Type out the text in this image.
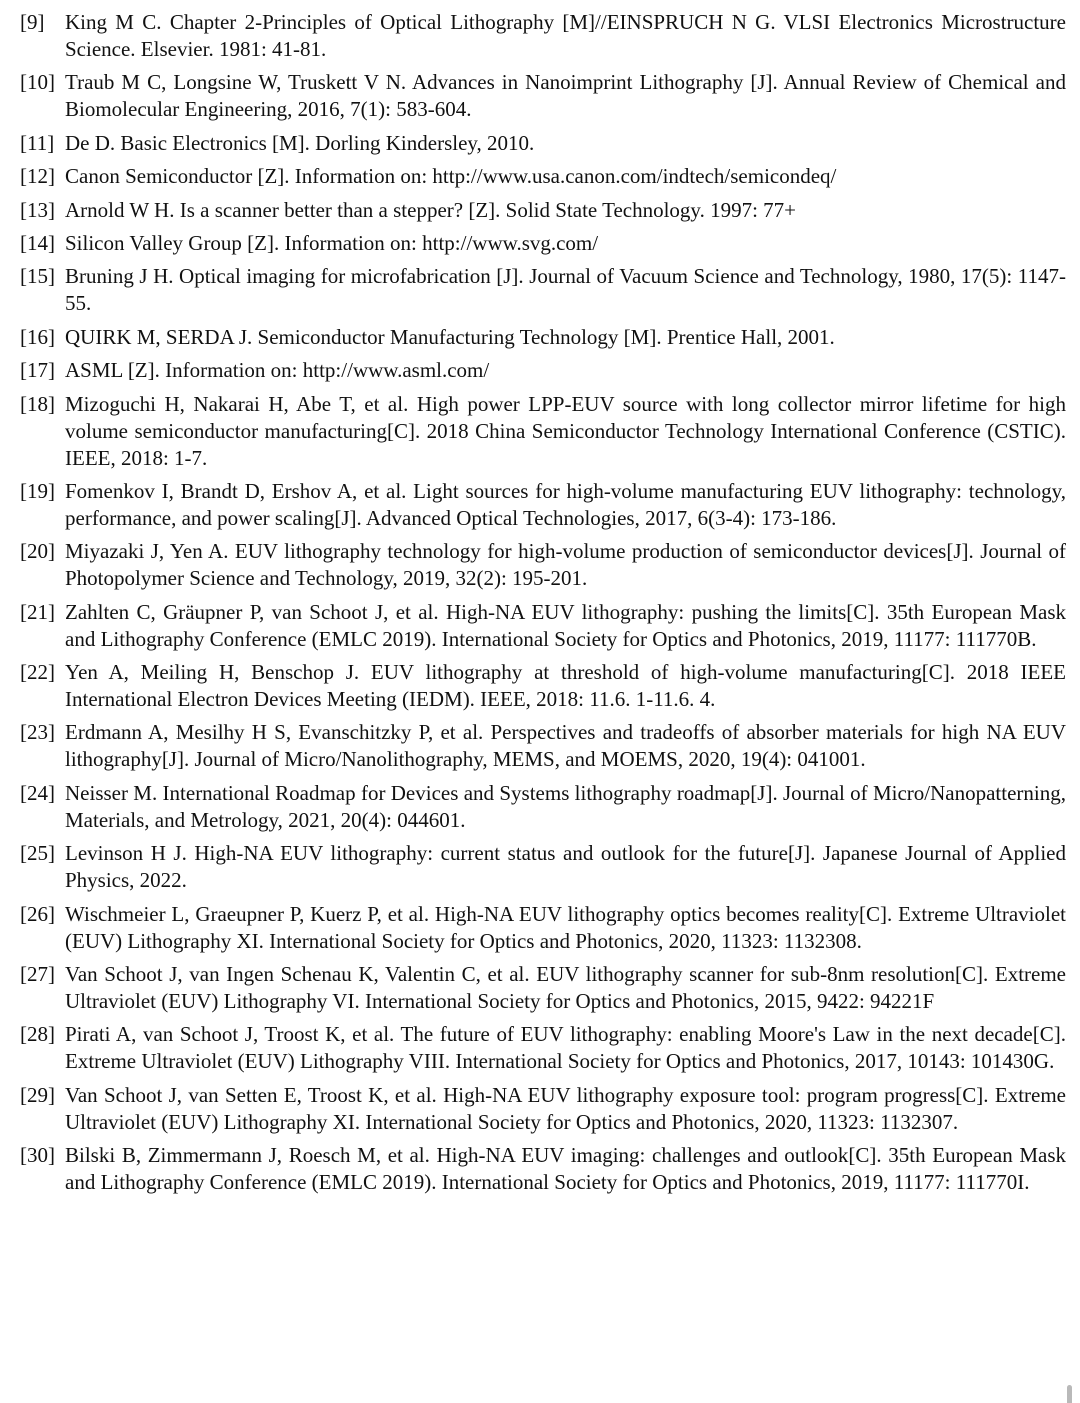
[9] King M C. Chapter 2-Principles of Optical Lithography [M]//EINSPRUCH N G. VLSI Electronics Microstructure Science. Elsevier. 1981: 41-81.
[10] Traub M C, Longsine W, Truskett V N. Advances in Nanoimprint Lithography [J]. Annual Review of Chemical and Biomolecular Engineering, 2016, 7(1): 583-604.
[11] De D. Basic Electronics [M]. Dorling Kindersley, 2010.
[12] Canon Semiconductor [Z]. Information on: http://www.usa.canon.com/indtech/semicondeq/
[13] Arnold W H. Is a scanner better than a stepper? [Z]. Solid State Technology. 1997: 77+
[14] Silicon Valley Group [Z]. Information on: http://www.svg.com/
[15] Bruning J H. Optical imaging for microfabrication [J]. Journal of Vacuum Science and Technology, 1980, 17(5): 1147-55.
[16] QUIRK M, SERDA J. Semiconductor Manufacturing Technology [M]. Prentice Hall, 2001.
[17] ASML [Z]. Information on: http://www.asml.com/
[18] Mizoguchi H, Nakarai H, Abe T, et al. High power LPP-EUV source with long collector mirror lifetime for high volume semiconductor manufacturing[C]. 2018 China Semiconductor Technology International Conference (CSTIC). IEEE, 2018: 1-7.
[19] Fomenkov I, Brandt D, Ershov A, et al. Light sources for high-volume manufacturing EUV lithography: technology, performance, and power scaling[J]. Advanced Optical Technologies, 2017, 6(3-4): 173-186.
[20] Miyazaki J, Yen A. EUV lithography technology for high-volume production of semiconductor devices[J]. Journal of Photopolymer Science and Technology, 2019, 32(2): 195-201.
[21] Zahlten C, Gräupner P, van Schoot J, et al. High-NA EUV lithography: pushing the limits[C]. 35th European Mask and Lithography Conference (EMLC 2019). International Society for Optics and Photonics, 2019, 11177: 111770B.
[22] Yen A, Meiling H, Benschop J. EUV lithography at threshold of high-volume manufacturing[C]. 2018 IEEE International Electron Devices Meeting (IEDM). IEEE, 2018: 11.6. 1-11.6. 4.
[23] Erdmann A, Mesilhy H S, Evanschitzky P, et al. Perspectives and tradeoffs of absorber materials for high NA EUV lithography[J]. Journal of Micro/Nanolithography, MEMS, and MOEMS, 2020, 19(4): 041001.
[24] Neisser M. International Roadmap for Devices and Systems lithography roadmap[J]. Journal of Micro/Nanopatterning, Materials, and Metrology, 2021, 20(4): 044601.
[25] Levinson H J. High-NA EUV lithography: current status and outlook for the future[J]. Japanese Journal of Applied Physics, 2022.
[26] Wischmeier L, Graeupner P, Kuerz P, et al. High-NA EUV lithography optics becomes reality[C]. Extreme Ultraviolet (EUV) Lithography XI. International Society for Optics and Photonics, 2020, 11323: 1132308.
[27] Van Schoot J, van Ingen Schenau K, Valentin C, et al. EUV lithography scanner for sub-8nm resolution[C]. Extreme Ultraviolet (EUV) Lithography VI. International Society for Optics and Photonics, 2015, 9422: 94221F
[28] Pirati A, van Schoot J, Troost K, et al. The future of EUV lithography: enabling Moore's Law in the next decade[C]. Extreme Ultraviolet (EUV) Lithography VIII. International Society for Optics and Photonics, 2017, 10143: 101430G.
[29] Van Schoot J, van Setten E, Troost K, et al. High-NA EUV lithography exposure tool: program progress[C]. Extreme Ultraviolet (EUV) Lithography XI. International Society for Optics and Photonics, 2020, 11323: 1132307.
[30] Bilski B, Zimmermann J, Roesch M, et al. High-NA EUV imaging: challenges and outlook[C]. 35th European Mask and Lithography Conference (EMLC 2019). International Society for Optics and Photonics, 2019, 11177: 111770I.
